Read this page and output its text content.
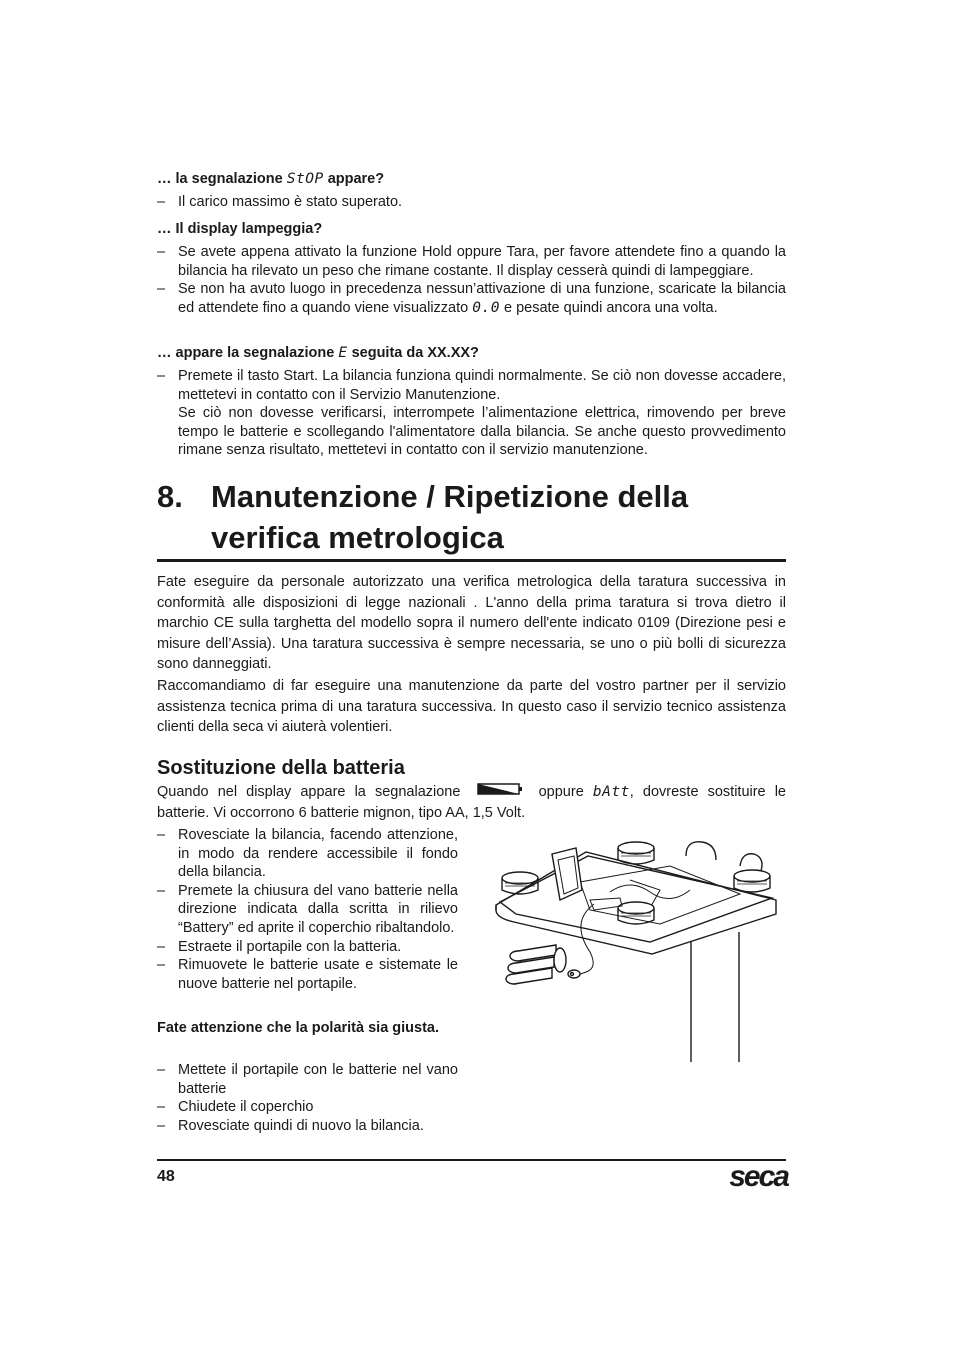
… la segnalazione StOP appare?
– Il carico massimo è stato superato.
… Il display lampeggia?
– Se avete appena attivato la funzione Hold oppure Tara, per favore attendete fino a quando la bilancia ha rilevato un peso che rimane costante. Il display cesserà quindi di lampeggiare.
– Se non ha avuto luogo in precedenza nessun’attivazione di una funzione, scaricate la bilancia ed attendete fino a quando viene visualizzato 0.0 e pesate quindi ancora una volta.
… appare la segnalazione E seguita da XX.XX?
– Premete il tasto Start. La bilancia funziona quindi normalmente. Se ciò non dovesse accadere, mettetevi in contatto con il Servizio Manutenzione.
Se ciò non dovesse verificarsi, interrompete l’alimentazione elettrica, rimovendo per breve tempo le batterie e scollegando l'alimentatore dalla bilancia. Se anche questo provvedimento rimane senza risultato, mettetevi in contatto con il servizio manutenzione.
8. Manutenzione / Ripetizione della
verifica metrologica

Fate eseguire da personale autorizzato una verifica metrologica della taratura successiva in conformità alle disposizioni di legge nazionali . L'anno della prima taratura si trova dietro il marchio CE sulla targhetta del modello sopra il numero dell'ente indicato 0109 (Direzione pesi e misure dell’Assia). Una taratura successiva è sempre necessaria, se uno o più bolli di sicurezza sono danneggiati.

Raccomandiamo di far eseguire una manutenzione da parte del vostro partner per il servizio assistenza tecnica prima di una taratura successiva. In questo caso il servizio tecnico assistenza clienti della seca vi aiuterà volentieri.

Sostituzione della batteria
Quando nel display appare la segnalazione	oppure bAtt, dovreste sostituire le batterie. Vi occorrono 6 batterie mignon, tipo AA, 1,5 Volt.
– Rovesciate la bilancia, facendo attenzione, in modo da rendere accessibile il fondo della bilancia.
– Premete la chiusura del vano batterie nella direzione indicata dalla scritta in rilievo “Battery” ed aprite il coperchio ribaltandolo.
– Estraete il portapile con la batteria.
– Rimuovete le batterie usate e sistemate le nuove batterie nel portapile.
Fate attenzione che la polarità sia giusta.
– Mettete il portapile con le batterie nel vano batterie
– Chiudete il coperchio
– Rovesciate quindi di nuovo la bilancia.
48	seca
